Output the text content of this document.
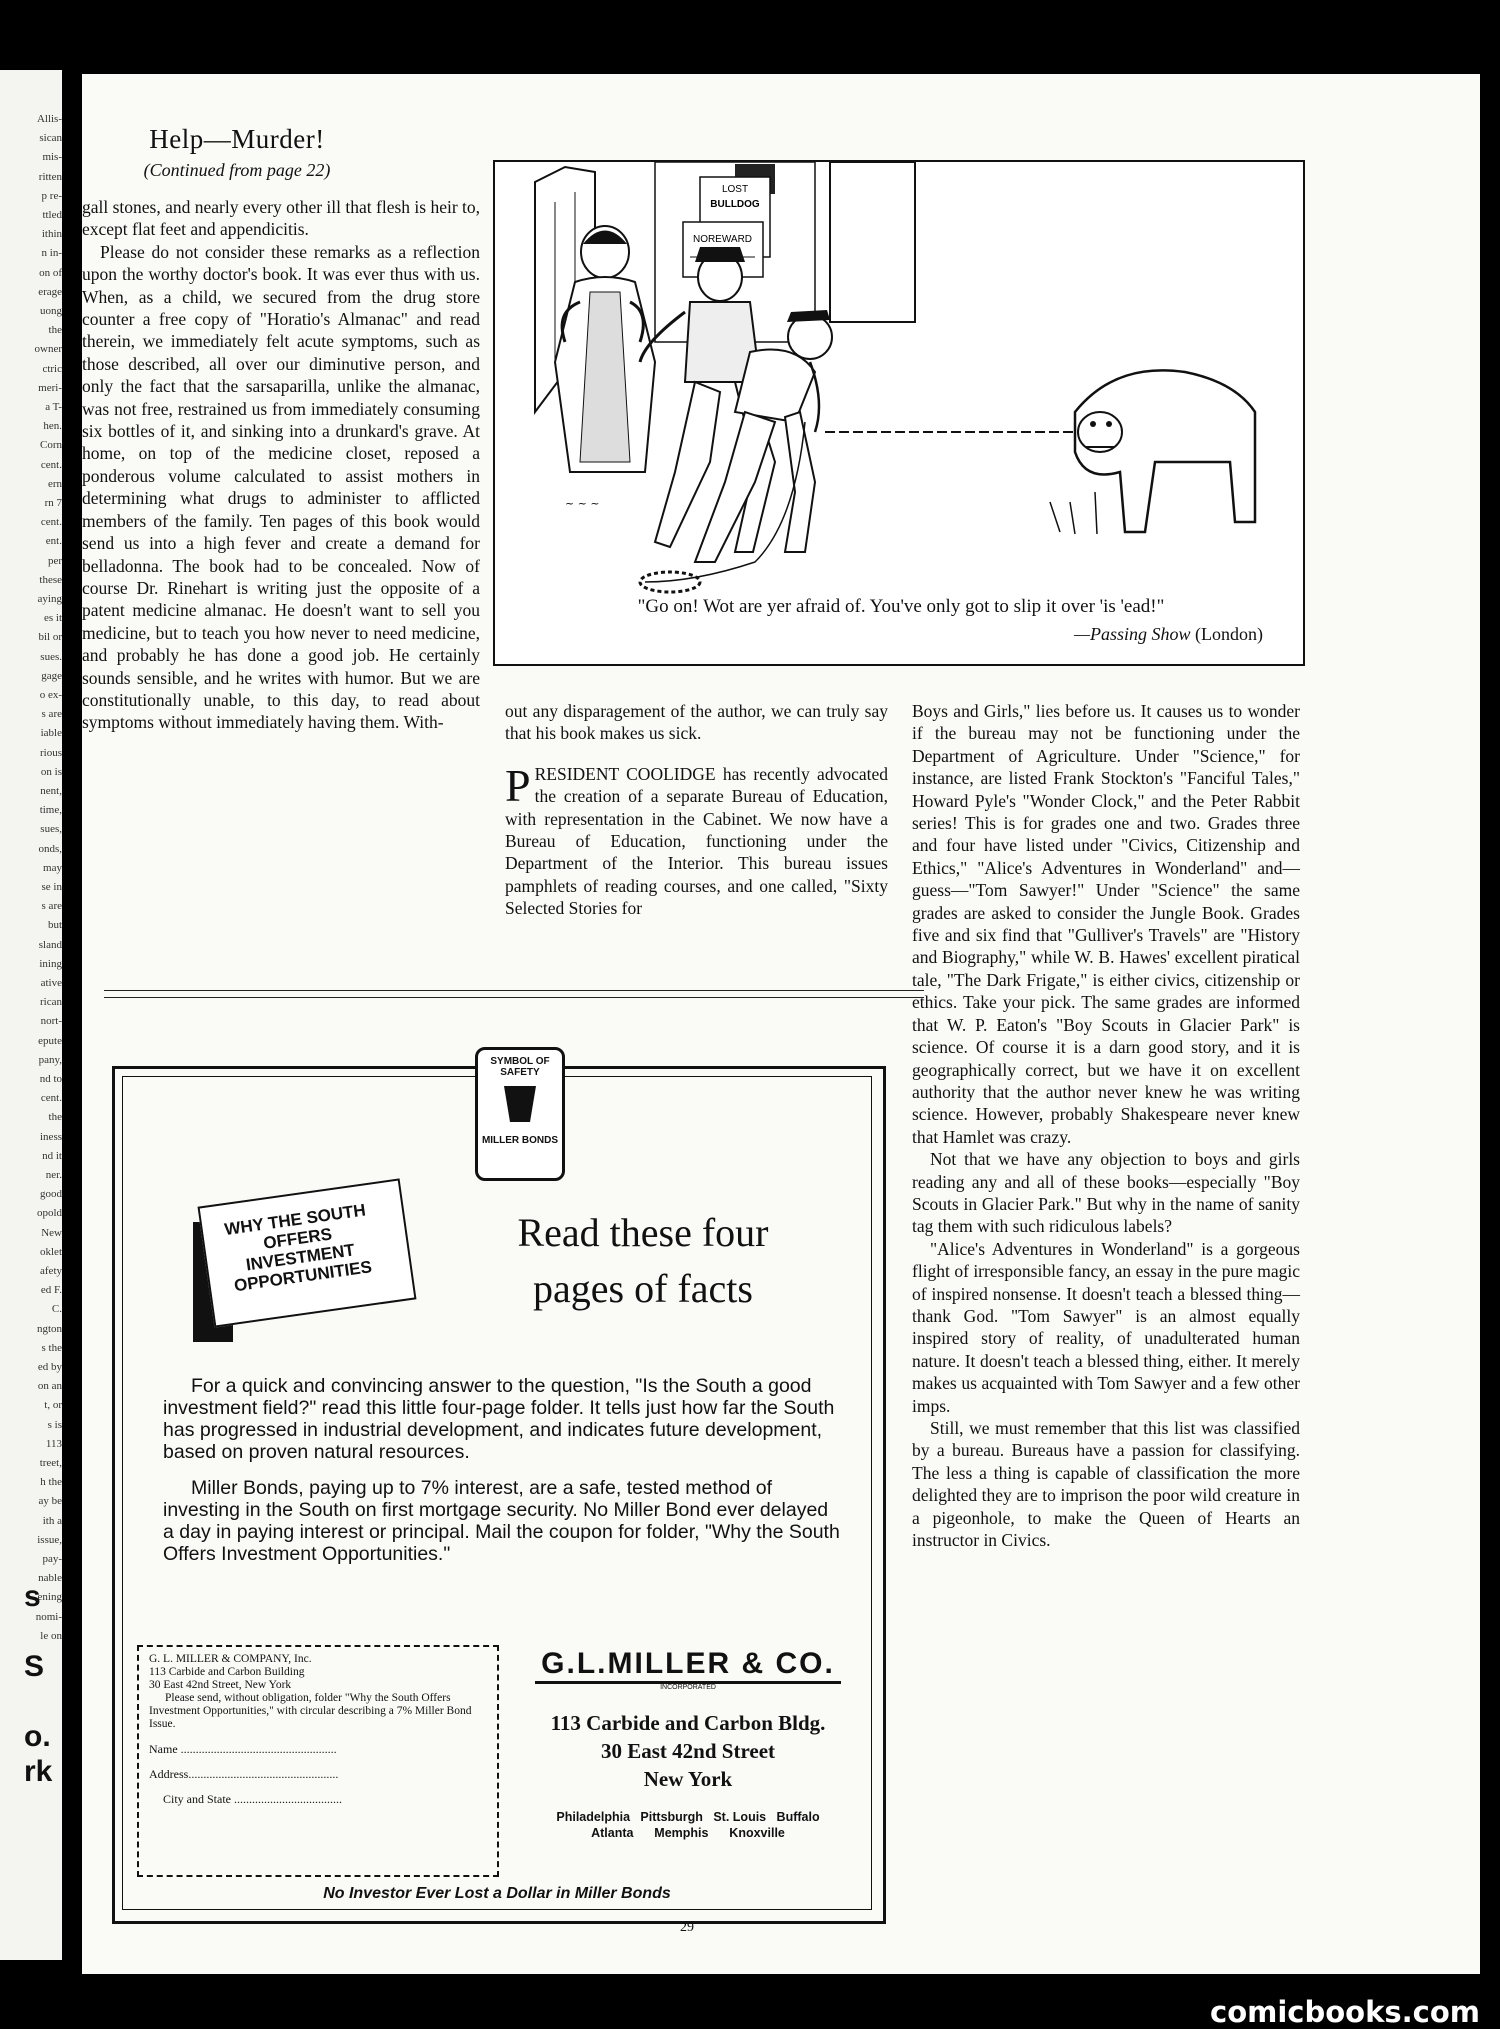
Allis-
sican
mis-
ritten
p re-
ttled
ithin
n in-
on of
erage
uong
the
owner
ctric
meri-
a T-
hen.
Corn
cent.
ern
rn 7
cent.
ent.
per
these
aying
es it
bil or
sues.
gage
o ex-
s are
iable
rious
on is
nent,
time,
sues,
onds,
may
se in
s are
but
sland
ining
ative
rican
nort-
epute
pany,
nd to
cent.
the
iness
nd it
ner.
good
opold
New
oklet
afety
ed F.
C.
ngton
s the
ed by
on an
t, or
s is
113
treet,
h the
ay be
ith a
issue,
pay-
nable
ening
nomi-
le on
s
S
o.
rk
Help—Murder!
(Continued from page 22)

gall stones, and nearly every other ill that flesh is heir to, except flat feet and appendicitis.

Please do not consider these remarks as a reflection upon the worthy doctor's book. It was ever thus with us. When, as a child, we secured from the drug store counter a free copy of "Horatio's Almanac" and read therein, we immediately felt acute symptoms, such as those described, all over our diminutive person, and only the fact that the sarsaparilla, unlike the almanac, was not free, restrained us from immediately consuming six bottles of it, and sinking into a drunkard's grave. At home, on top of the medicine closet, reposed a ponderous volume calculated to assist mothers in determining what drugs to administer to afflicted members of the family. Ten pages of this book would send us into a high fever and create a demand for belladonna. The book had to be concealed. Now of course Dr. Rinehart is writing just the opposite of a patent medicine almanac. He doesn't want to sell you medicine, but to teach you how never to need medicine, and probably he has done a good job. He certainly sounds sensible, and he writes with humor. But we are constitutionally unable, to this day, to read about symptoms without immediately having them. With-

LOST
BULLDOG
NO REWARD
~ ~ ~
"Go on! Wot are yer afraid of. You've only got to slip it over 'is 'ead!"
—Passing Show (London)

out any disparagement of the author, we can truly say that his book makes us sick.

PRESIDENT COOLIDGE has recently advocated the creation of a separate Bureau of Education, with representation in the Cabinet. We now have a Bureau of Education, functioning under the Department of the Interior. This bureau issues pamphlets of reading courses, and one called, "Sixty Selected Stories for

Boys and Girls," lies before us. It causes us to wonder if the bureau may not be functioning under the Department of Agriculture. Under "Science," for instance, are listed Frank Stockton's "Fanciful Tales," Howard Pyle's "Wonder Clock," and the Peter Rabbit series! This is for grades one and two. Grades three and four have listed under "Civics, Citizenship and Ethics," "Alice's Adventures in Wonderland" and—guess—"Tom Sawyer!" Under "Science" the same grades are asked to consider the Jungle Book. Grades five and six find that "Gulliver's Travels" are "History and Biography," while W. B. Hawes' excellent piratical tale, "The Dark Frigate," is either civics, citizenship or ethics. Take your pick. The same grades are informed that W. P. Eaton's "Boy Scouts in Glacier Park" is science. Of course it is a darn good story, and it is geographically correct, but we have it on excellent authority that the author never knew he was writing science. However, probably Shakespeare never knew that Hamlet was crazy.

Not that we have any objection to boys and girls reading any and all of these books—especially "Boy Scouts in Glacier Park." But why in the name of sanity tag them with such ridiculous labels?

"Alice's Adventures in Wonderland" is a gorgeous flight of irresponsible fancy, an essay in the pure magic of inspired nonsense. It doesn't teach a blessed thing—thank God. "Tom Sawyer" is an almost equally inspired story of reality, of unadulterated human nature. It doesn't teach a blessed thing, either. It merely makes us acquainted with Tom Sawyer and a few other imps.

Still, we must remember that this list was classified by a bureau. Bureaus have a passion for classifying. The less a thing is capable of classification the more delighted they are to imprison the poor wild creature in a pigeonhole, to make the Queen of Hearts an instructor in Civics.

SYMBOL OF SAFETY
MILLER BONDS
WHY THE SOUTH OFFERS INVESTMENT OPPORTUNITIES
Read these four
pages of facts

For a quick and convincing answer to the question, "Is the South a good investment field?" read this little four-page folder. It tells just how far the South has progressed in industrial development, and indicates future development, based on proven natural resources.

Miller Bonds, paying up to 7% interest, are a safe, tested method of investing in the South on first mortgage security. No Miller Bond ever delayed a day in paying interest or principal. Mail the coupon for folder, "Why the South Offers Investment Opportunities."

G. L. MILLER & COMPANY, Inc.
113 Carbide and Carbon Building
30 East 42nd Street, New York
Please send, without obligation, folder "Why the South Offers Investment Opportunities," with circular describing a 7% Miller Bond Issue.
Name ....................................................
Address..................................................
City and State ....................................
G.L.MILLER & CO.
INCORPORATED
113 Carbide and Carbon Bldg.
30 East 42nd Street
New York
Philadelphia   Pittsburgh   St. Louis   Buffalo
Atlanta      Memphis      Knoxville
No Investor Ever Lost a Dollar in Miller Bonds
29
comicbooks.com
